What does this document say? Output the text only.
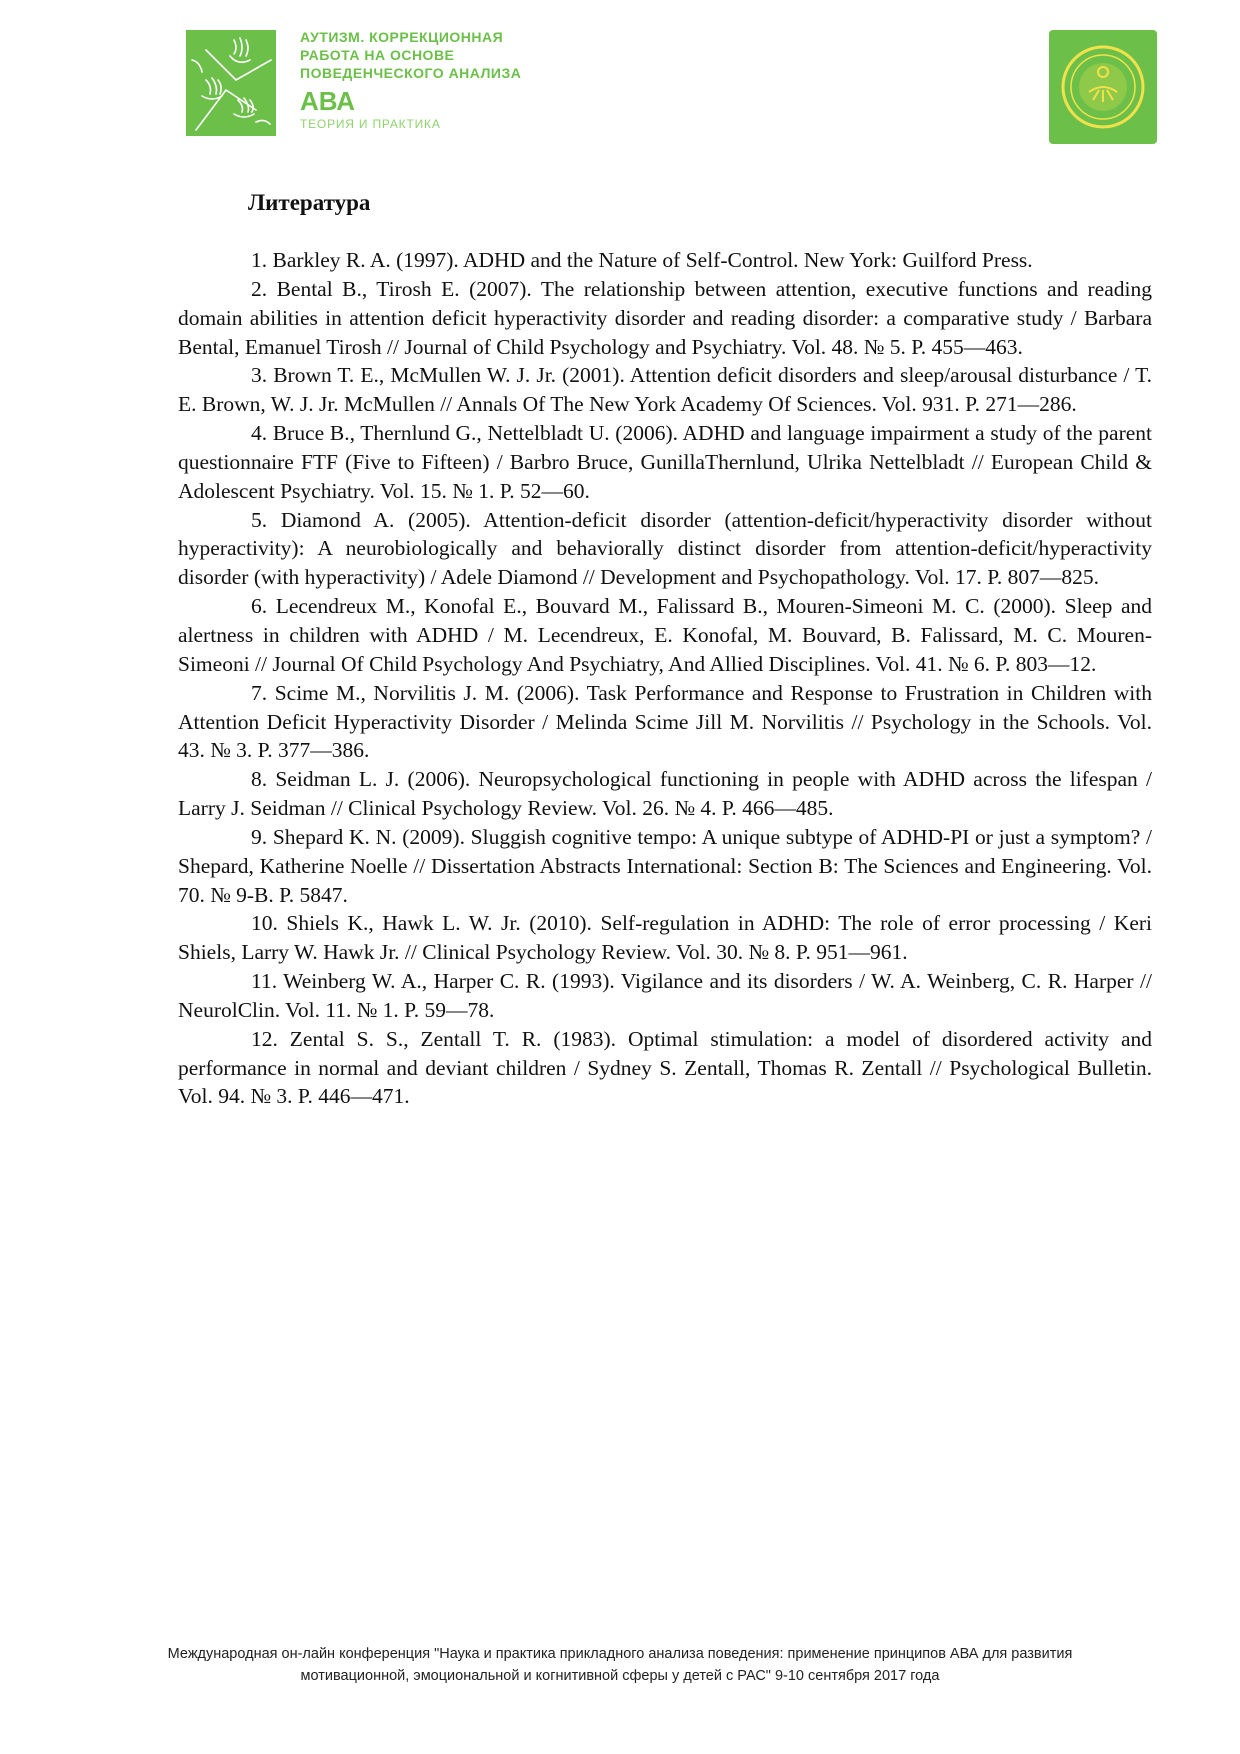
АУТИЗМ. КОРРЕКЦИОННАЯ
РАБОТА НА ОСНОВЕ
ПОВЕДЕНЧЕСКОГО АНАЛИЗА
АВА
ТЕОРИЯ И ПРАКТИКА
Литература

1. Barkley R. A. (1997). ADHD and the Nature of Self-Control. New York: Guilford Press.

2. Bental B., Tirosh E. (2007). The relationship between attention, executive functions and reading domain abilities in attention deficit hyperactivity disorder and reading disorder: a comparative study / Barbara Bental, Emanuel Tirosh // Journal of Child Psychology and Psychiatry. Vol. 48. № 5. P. 455—463.

3. Brown T. E., McMullen W. J. Jr. (2001). Attention deficit disorders and sleep/arousal disturbance / T. E. Brown, W. J. Jr. McMullen // Annals Of The New York Academy Of Sciences. Vol. 931. P. 271—286.

4. Bruce B., Thernlund G., Nettelbladt U. (2006). ADHD and language impairment a study of the parent questionnaire FTF (Five to Fifteen) / Barbro Bruce, GunillaThernlund, Ulrika Nettelbladt // European Child & Adolescent Psychiatry. Vol. 15. № 1. P. 52—60.

5. Diamond A. (2005). Attention-deficit disorder (attention-deficit/hyperactivity disorder without hyperactivity): A neurobiologically and behaviorally distinct disorder from attention-deficit/hyperactivity disorder (with hyperactivity) / Adele Diamond // Development and Psychopathology. Vol. 17. P. 807—825.

6. Lecendreux M., Konofal E., Bouvard M., Falissard B., Mouren-Simeoni M. C. (2000). Sleep and alertness in children with ADHD / M. Lecendreux, E. Konofal, M. Bouvard, B. Falissard, M. C. Mouren-Simeoni // Journal Of Child Psychology And Psychiatry, And Allied Disciplines. Vol. 41. № 6. P. 803—12.

7. Scime M., Norvilitis J. M. (2006). Task Performance and Response to Frustration in Children with Attention Deficit Hyperactivity Disorder / Melinda Scime Jill M. Norvilitis // Psychology in the Schools. Vol. 43. № 3. P. 377—386.

8. Seidman L. J. (2006). Neuropsychological functioning in people with ADHD across the lifespan / Larry J. Seidman // Clinical Psychology Review. Vol. 26. № 4. P. 466—485.

9. Shepard K. N. (2009). Sluggish cognitive tempo: A unique subtype of ADHD-PI or just a symptom? / Shepard, Katherine Noelle // Dissertation Abstracts International: Section B: The Sciences and Engineering. Vol. 70. № 9-B. P. 5847.

10. Shiels K., Hawk L. W. Jr. (2010). Self-regulation in ADHD: The role of error processing / Keri Shiels, Larry W. Hawk Jr. // Clinical Psychology Review. Vol. 30. № 8. P. 951—961.

11. Weinberg W. A., Harper C. R. (1993). Vigilance and its disorders / W. A. Weinberg, C. R. Harper // NeurolClin. Vol. 11. № 1. P. 59—78.

12. Zental S. S., Zentall T. R. (1983). Optimal stimulation: a model of disordered activity and performance in normal and deviant children / Sydney S. Zentall, Thomas R. Zentall // Psychological Bulletin. Vol. 94. № 3. P. 446—471.

Международная он-лайн конференция "Наука и практика прикладного анализа поведения: применение принципов АВА для развития
мотивационной, эмоциональной и когнитивной сферы у детей с РАС" 9-10 сентября 2017 года
